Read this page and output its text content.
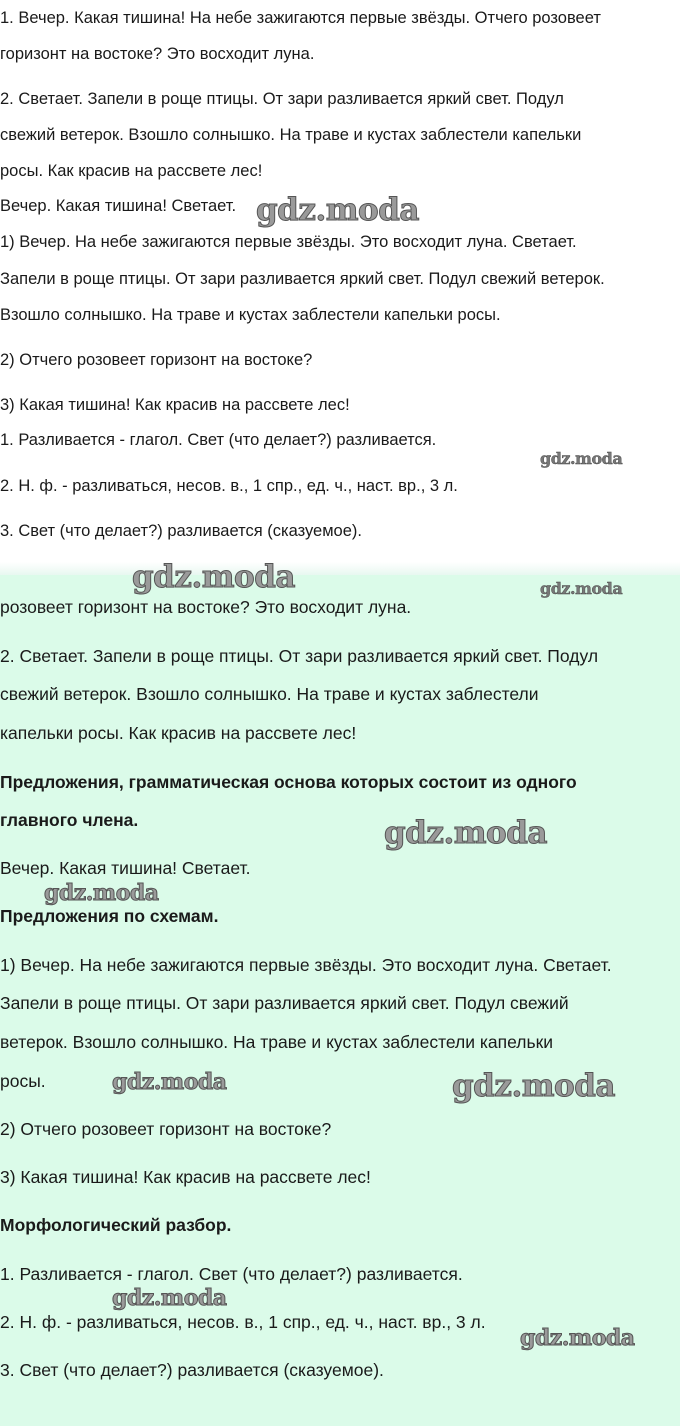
1. Вечер. Какая тишина! На небе зажигаются первые звёзды. Отчего розовеет

горизонт на востоке? Это восходит луна.

2. Светает. Запели в роще птицы. От зари разливается яркий свет. Подул

свежий ветерок. Взошло солнышко. На траве и кустах заблестели капельки

росы. Как красив на рассвете лес!

Вечер. Какая тишина! Светает.

1) Вечер. На небе зажигаются первые звёзды. Это восходит луна. Светает.

Запели в роще птицы. От зари разливается яркий свет. Подул свежий ветерок.

Взошло солнышко. На траве и кустах заблестели капельки росы.

2) Отчего розовеет горизонт на востоке?

3) Какая тишина! Как красив на рассвете лес!

1. Разливается - глагол. Свет (что делает?) разливается.

2. Н. ф. - разливаться, несов. в., 1 спр., ед. ч., наст. вр., 3 л.

3. Свет (что делает?) разливается (сказуемое).

gdz.moda
gdz.moda

розовеет горизонт на востоке? Это восходит луна.

2. Светает. Запели в роще птицы. От зари разливается яркий свет. Подул

свежий ветерок. Взошло солнышко. На траве и кустах заблестели

капельки росы. Как красив на рассвете лес!

Предложения, грамматическая основа которых состоит из одного

главного члена.

Вечер. Какая тишина! Светает.

Предложения по схемам.

1) Вечер. На небе зажигаются первые звёзды. Это восходит луна. Светает.

Запели в роще птицы. От зари разливается яркий свет. Подул свежий

ветерок. Взошло солнышко. На траве и кустах заблестели капельки

росы.

2) Отчего розовеет горизонт на востоке?

3) Какая тишина! Как красив на рассвете лес!

Морфологический разбор.

1. Разливается - глагол. Свет (что делает?) разливается.

2. Н. ф. - разливаться, несов. в., 1 спр., ед. ч., наст. вр., 3 л.

3. Свет (что делает?) разливается (сказуемое).

gdz.moda	gdz.moda
gdz.moda
gdz.moda
gdz.moda	gdz.moda
gdz.moda
gdz.moda
